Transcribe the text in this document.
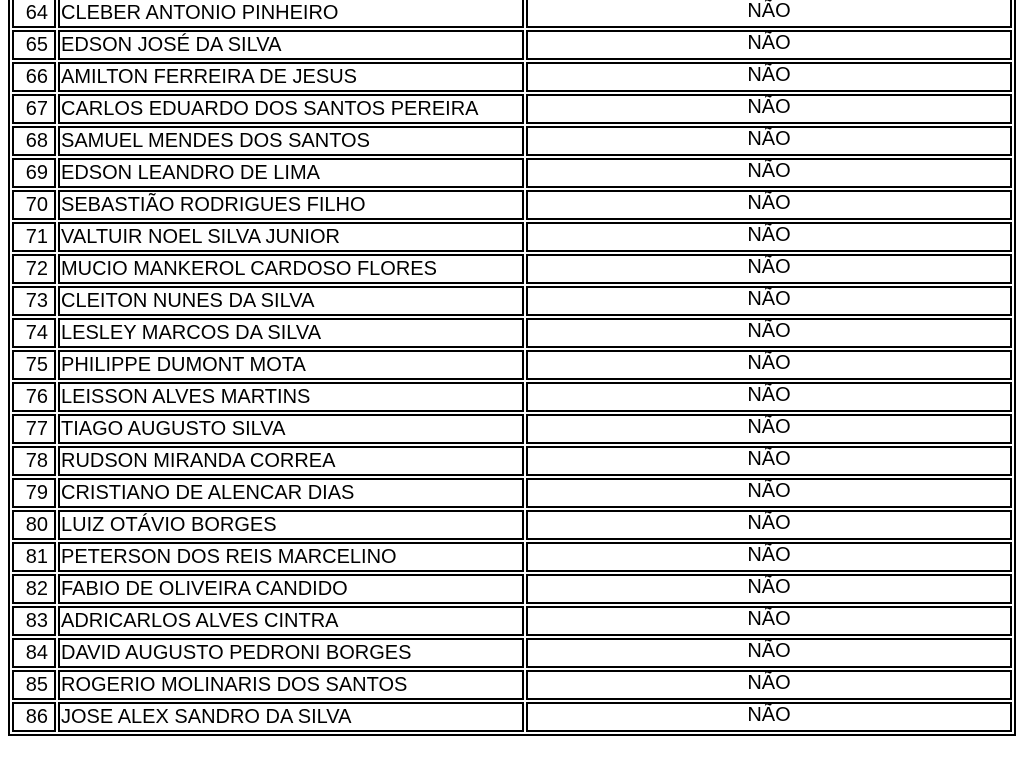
64	CLEBER ANTONIO PINHEIRO	NÃO
65	EDSON JOSÉ DA SILVA	NÃO
66	AMILTON FERREIRA DE JESUS	NÃO
67	CARLOS EDUARDO DOS SANTOS PEREIRA	NÃO
68	SAMUEL MENDES DOS SANTOS	NÃO
69	EDSON LEANDRO DE LIMA	NÃO
70	SEBASTIÃO RODRIGUES FILHO	NÃO
71	VALTUIR NOEL SILVA JUNIOR	NÃO
72	MUCIO MANKEROL CARDOSO FLORES	NÃO
73	CLEITON NUNES DA SILVA	NÃO
74	LESLEY MARCOS DA SILVA	NÃO
75	PHILIPPE DUMONT MOTA	NÃO
76	LEISSON ALVES MARTINS	NÃO
77	TIAGO AUGUSTO SILVA	NÃO
78	RUDSON MIRANDA CORREA	NÃO
79	CRISTIANO DE ALENCAR DIAS	NÃO
80	LUIZ OTÁVIO BORGES	NÃO
81	PETERSON DOS REIS MARCELINO	NÃO
82	FABIO DE OLIVEIRA CANDIDO	NÃO
83	ADRICARLOS ALVES CINTRA	NÃO
84	DAVID AUGUSTO PEDRONI BORGES	NÃO
85	ROGERIO MOLINARIS DOS SANTOS	NÃO
86	JOSE ALEX SANDRO DA SILVA	NÃO
